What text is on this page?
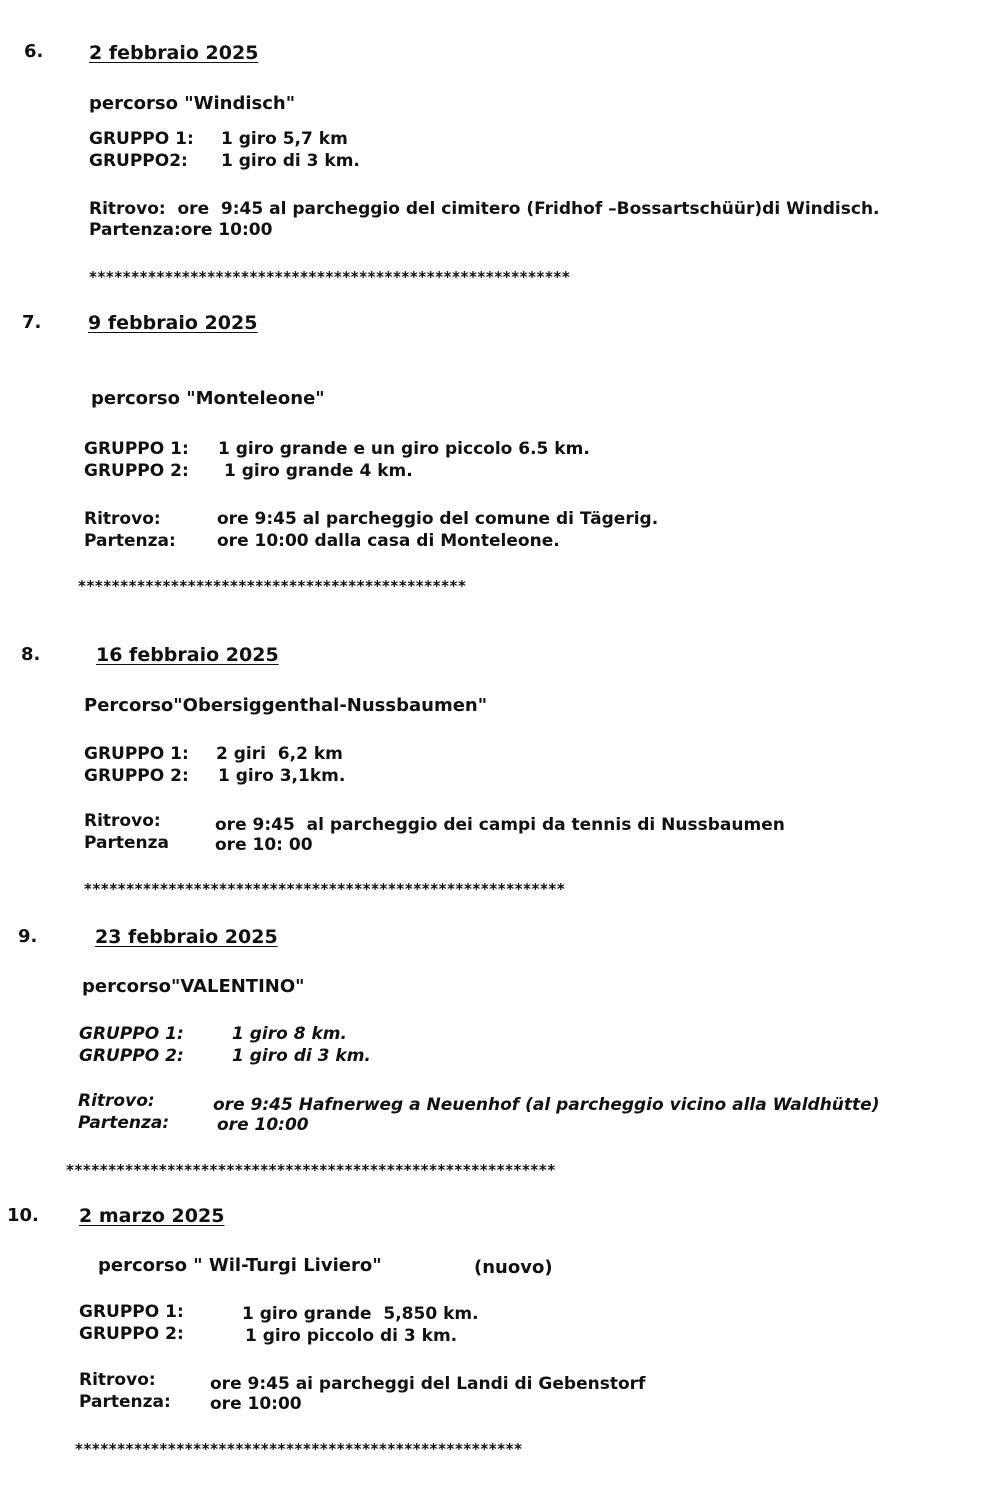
6. 2 febbraio 2025
percorso "Windisch"
GRUPPO 1: 1 giro 5,7 km
GRUPPO2: 1 giro di 3 km.
Ritrovo:  ore  9:45 al parcheggio del cimitero (Fridhof –Bossartschüür)di Windisch.
Partenza:ore 10:00
*********************************************************
7. 9 febbraio 2025
percorso "Monteleone"
GRUPPO 1: 1 giro grande e un giro piccolo 6.5 km.
GRUPPO 2: 1 giro grande 4 km.
Ritrovo:	ore 9:45 al parcheggio del comune di Tägerig.
Partenza: ore 10:00 dalla casa di Monteleone.
**********************************************
8.	16 febbraio 2025
Percorso"Obersiggenthal-Nussbaumen"
GRUPPO 1: 2 giri  6,2 km
GRUPPO 2: 1 giro 3,1km.
Ritrovo:	ore 9:45  al parcheggio dei campi da tennis di Nussbaumen
Partenza	ore 10: 00
*********************************************************
9.	23 febbraio 2025
percorso"VALENTINO"
GRUPPO 1:	1 giro 8 km.
GRUPPO 2:	1 giro di 3 km.
Ritrovo:	ore 9:45 Hafnerweg a Neuenhof (al parcheggio vicino alla Waldhütte)
Partenza:	ore 10:00
**********************************************************
10. 2 marzo 2025
percorso " Wil-Turgi Liviero"	(nuovo)
GRUPPO 1:	1 giro grande  5,850 km.
GRUPPO 2:	1 giro piccolo di 3 km.
Ritrovo:	ore 9:45 ai parcheggi del Landi di Gebenstorf
Partenza: ore 10:00
*****************************************************
